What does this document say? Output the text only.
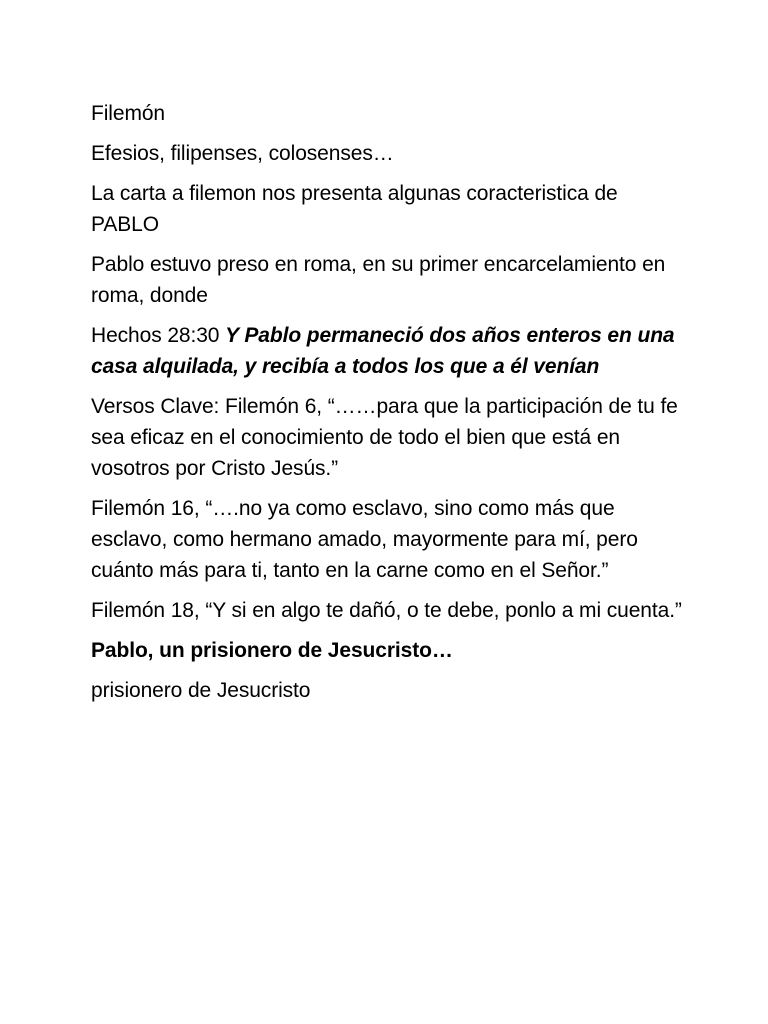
Filemón

Efesios, filipenses, colosenses…

La carta a filemon nos presenta algunas coracteristica de PABLO

Pablo estuvo preso en roma, en su primer encarcelamiento en roma, donde

Hechos 28:30 Y Pablo permaneció dos años enteros en una casa alquilada, y recibía a todos los que a él venían

Versos Clave: Filemón 6, “……para que la participación de tu fe sea eficaz en el conocimiento de todo el bien que está en vosotros por Cristo Jesús.”

Filemón 16, “….no ya como esclavo, sino como más que esclavo, como hermano amado, mayormente para mí, pero cuánto más para ti, tanto en la carne como en el Señor.”

Filemón 18, “Y si en algo te dañó, o te debe, ponlo a mi cuenta.”

Pablo, un prisionero de Jesucristo…

prisionero de Jesucristo
